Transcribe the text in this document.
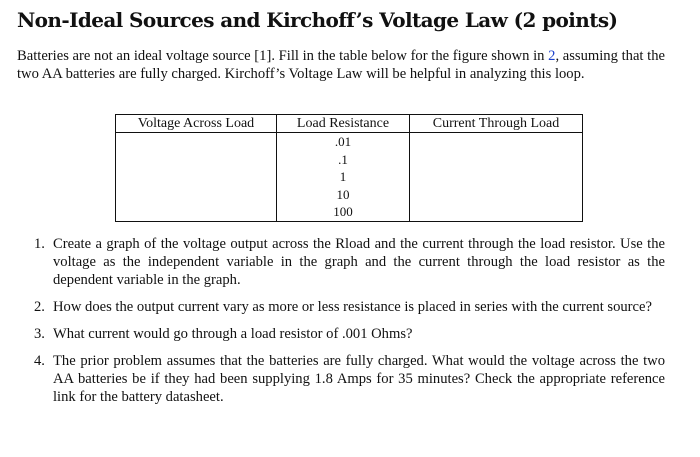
Non-Ideal Sources and Kirchoff’s Voltage Law (2 points)

Batteries are not an ideal voltage source [1]. Fill in the table below for the figure shown in 2, assuming that the two AA batteries are fully charged. Kirchoff’s Voltage Law will be helpful in analyzing this loop.

Voltage Across Load	Load Resistance	Current Through Load
	.01	
	.1	
	1	
	10	
	100	
1. Create a graph of the voltage output across the Rload and the current through the load resistor. Use the voltage as the independent variable in the graph and the current through the load resistor as the dependent variable in the graph.
2. How does the output current vary as more or less resistance is placed in series with the current source?
3. What current would go through a load resistor of .001 Ohms?
4. The prior problem assumes that the batteries are fully charged. What would the voltage across the two AA batteries be if they had been supplying 1.8 Amps for 35 minutes? Check the appropriate reference link for the battery datasheet.
